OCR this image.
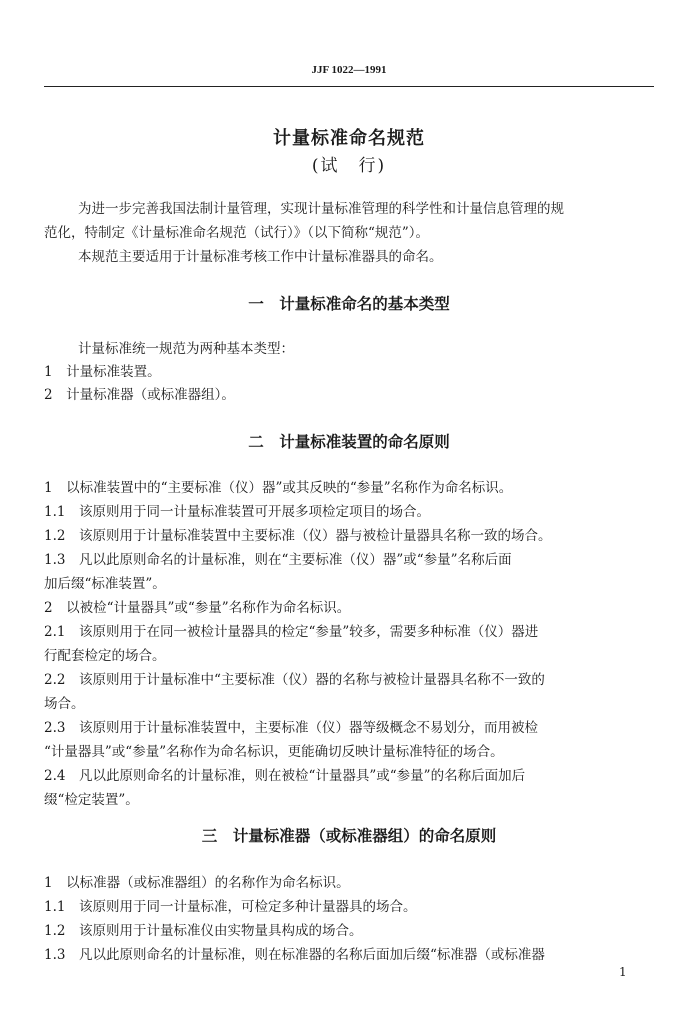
JJF 1022—1991
计量标准命名规范
(试　行)
为进一步完善我国法制计量管理，实现计量标准管理的科学性和计量信息管理的规
范化，特制定《计量标准命名规范（试行）》（以下简称“规范”）。
本规范主要适用于计量标准考核工作中计量标准器具的命名。
一　计量标准命名的基本类型
计量标准统一规范为两种基本类型：
1　计量标准装置。
2　计量标准器（或标准器组）。
二　计量标准装置的命名原则
1　以标准装置中的“主要标准（仪）器”或其反映的“参量”名称作为命名标识。
1.1　该原则用于同一计量标准装置可开展多项检定项目的场合。
1.2　该原则用于计量标准装置中主要标准（仪）器与被检计量器具名称一致的场合。
1.3　凡以此原则命名的计量标准，则在“主要标准（仪）器”或“参量”名称后面
加后缀“标准装置”。
2　以被检“计量器具”或“参量”名称作为命名标识。
2.1　该原则用于在同一被检计量器具的检定“参量”较多，需要多种标准（仪）器进
行配套检定的场合。
2.2　该原则用于计量标准中“主要标准（仪）器的名称与被检计量器具名称不一致的
场合。
2.3　该原则用于计量标准装置中，主要标准（仪）器等级概念不易划分，而用被检
“计量器具”或“参量”名称作为命名标识，更能确切反映计量标准特征的场合。
2.4　凡以此原则命名的计量标准，则在被检“计量器具”或“参量”的名称后面加后
缀“检定装置”。
三　计量标准器（或标准器组）的命名原则
1　以标准器（或标准器组）的名称作为命名标识。
1.1　该原则用于同一计量标准，可检定多种计量器具的场合。
1.2　该原则用于计量标准仪由实物量具构成的场合。
1.3　凡以此原则命名的计量标准，则在标准器的名称后面加后缀“标准器（或标准器
1
